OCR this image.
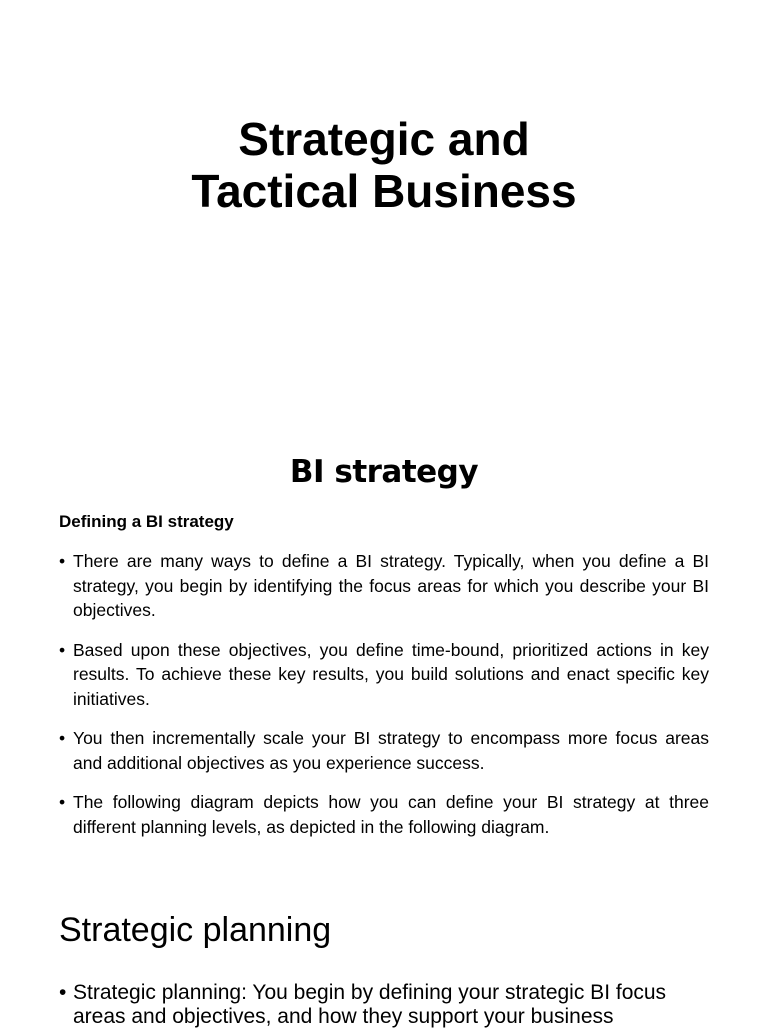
Strategic and
Tactical Business
BI strategy

Defining a BI strategy

• There are many ways to define a BI strategy. Typically, when you define a BI strategy, you begin by identifying the focus areas for which you describe your BI objectives.
• Based upon these objectives, you define time-bound, prioritized actions in key results. To achieve these key results, you build solutions and enact specific key initiatives.
• You then incrementally scale your BI strategy to encompass more focus areas and additional objectives as you experience success.
• The following diagram depicts how you can define your BI strategy at three different planning levels, as depicted in the following diagram.
Strategic planning
• Strategic planning: You begin by defining your strategic BI focus areas and objectives, and how they support your business
